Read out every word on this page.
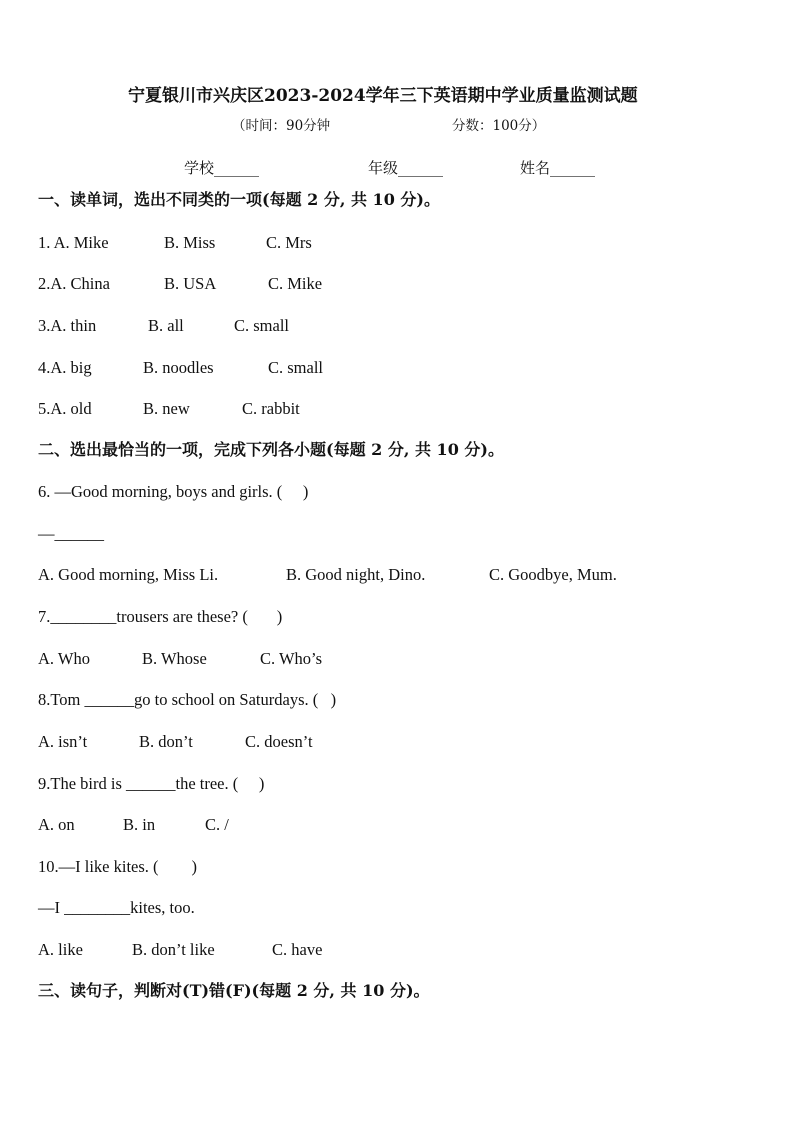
宁夏银川市兴庆区2023-2024学年三下英语期中学业质量监测试题
（时间：90分钟	分数：100分）
学校______	年级______	姓名______
一、读单词，选出不同类的一项(每题 2 分, 共 10 分)。
1. A. Mike	B. Miss	C. Mrs
2.A. China	B. USA	C. Mike
3.A. thin	B. all	C. small
4.A. big	B. noodles	C. small
5.A. old	B. new	C. rabbit
二、选出最恰当的一项，完成下列各小题(每题 2 分, 共 10 分)。
6. —Good morning, boys and girls. (     )
—______
A. Good morning, Miss Li.	B. Good night, Dino.	C. Goodbye, Mum.
7.________trousers are these? (       )
A. Who	B. Whose	C. Who’s
8.Tom ______go to school on Saturdays. (   )
A. isn’t	B. don’t	C. doesn’t
9.The bird is ______the tree. (     )
A. on	B. in	C. /
10.—I like kites. (        )
—I ________kites, too.
A. like	B. don’t like	C. have
三、读句子，判断对(T)错(F)(每题 2 分, 共 10 分)。
